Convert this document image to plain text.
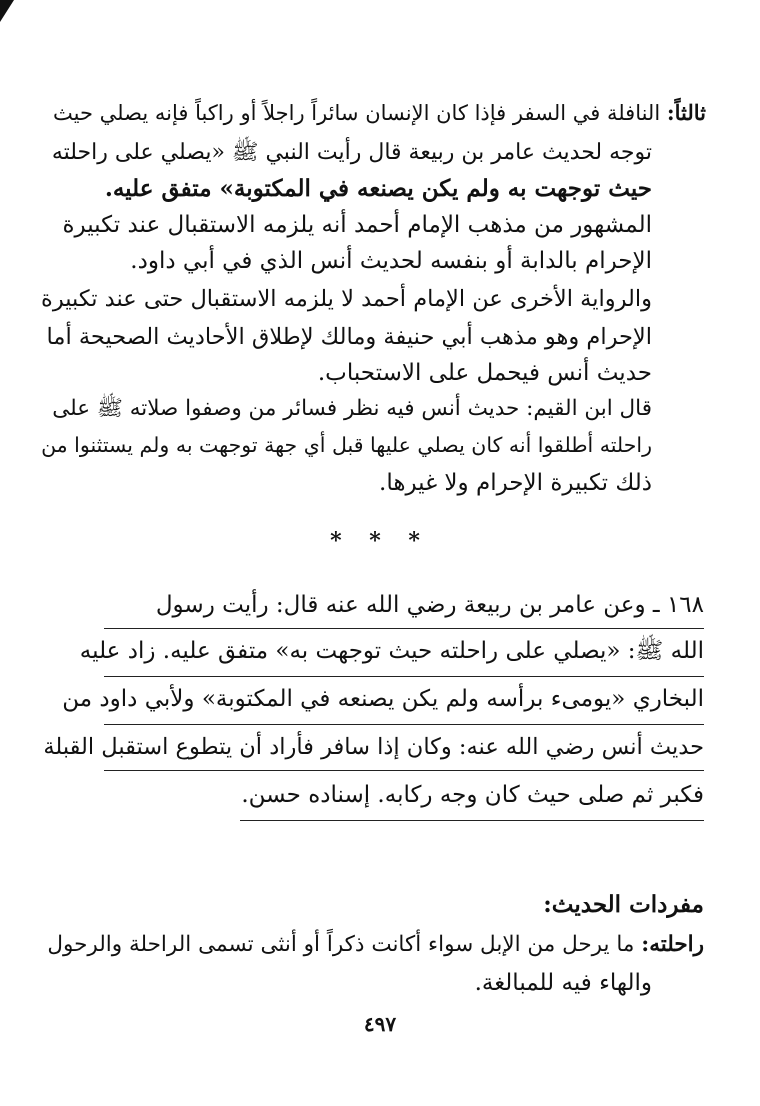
ثالثاً: النافلة في السفر فإذا كان الإنسان سائراً راجلاً أو راكباً فإنه يصلي حيث
توجه لحديث عامر بن ربيعة قال رأيت النبي ﷺ «يصلي على راحلته
حيث توجهت به ولم يكن يصنعه في المكتوبة» متفق عليه.
المشهور من مذهب الإمام أحمد أنه يلزمه الاستقبال عند تكبيرة
الإحرام بالدابة أو بنفسه لحديث أنس الذي في أبي داود.
والرواية الأخرى عن الإمام أحمد لا يلزمه الاستقبال حتى عند تكبيرة
الإحرام وهو مذهب أبي حنيفة ومالك لإطلاق الأحاديث الصحيحة أما
حديث أنس فيحمل على الاستحباب.
قال ابن القيم: حديث أنس فيه نظر فسائر من وصفوا صلاته ﷺ على
راحلته أطلقوا أنه كان يصلي عليها قبل أي جهة توجهت به ولم يستثنوا من
ذلك تكبيرة الإحرام ولا غيرها.
* * *
١٦٨ ـ وعن عامر بن ربيعة رضي الله عنه قال: رأيت رسول
الله ﷺ: «يصلي على راحلته حيث توجهت به» متفق عليه. زاد عليه
البخاري «يومىء برأسه ولم يكن يصنعه في المكتوبة» ولأبي داود من
حديث أنس رضي الله عنه: وكان إذا سافر فأراد أن يتطوع استقبل القبلة
فكبر ثم صلى حيث كان وجه ركابه. إسناده حسن.
مفردات الحديث:
راحلته: ما يرحل من الإبل سواء أكانت ذكراً أو أنثى تسمى الراحلة والرحول
والهاء فيه للمبالغة.
٤٩٧
